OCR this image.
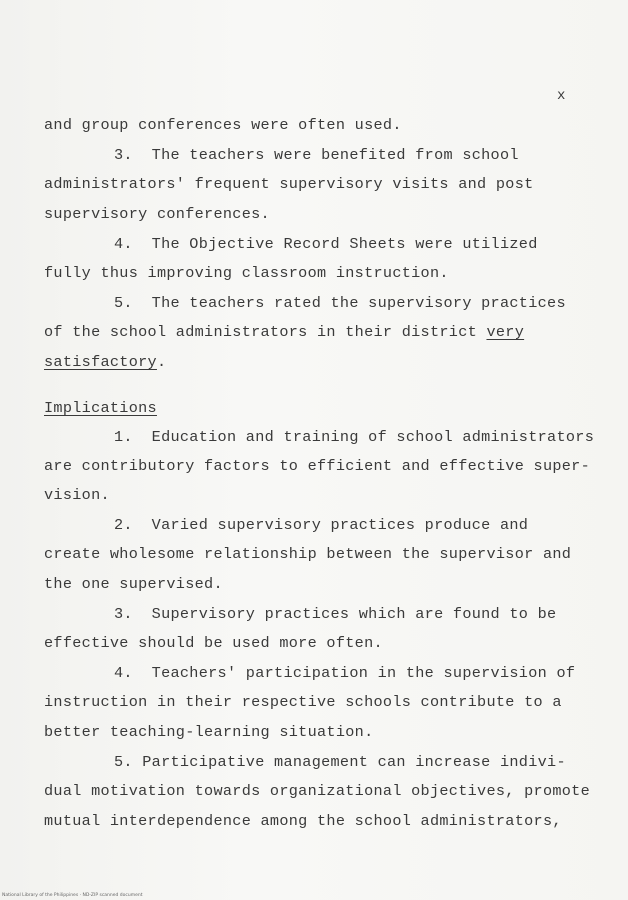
x
and group conferences were often used.
3.  The teachers were benefited from school
administrators' frequent supervisory visits and post
supervisory conferences.
4.  The Objective Record Sheets were utilized
fully thus improving classroom instruction.
5.  The teachers rated the supervisory practices
of the school administrators in their district very
satisfactory.
Implications
1.  Education and training of school administrators
are contributory factors to efficient and effective super-
vision.
2.  Varied supervisory practices produce and
create wholesome relationship between the supervisor and
the one supervised.
3.  Supervisory practices which are found to be
effective should be used more often.
4.  Teachers' participation in the supervision of
instruction in their respective schools contribute to a
better teaching-learning situation.
5. Participative management can increase indivi-
dual motivation towards organizational objectives, promote
mutual interdependence among the school administrators,
National Library of the Philippines · ND-ZIP scanned document
